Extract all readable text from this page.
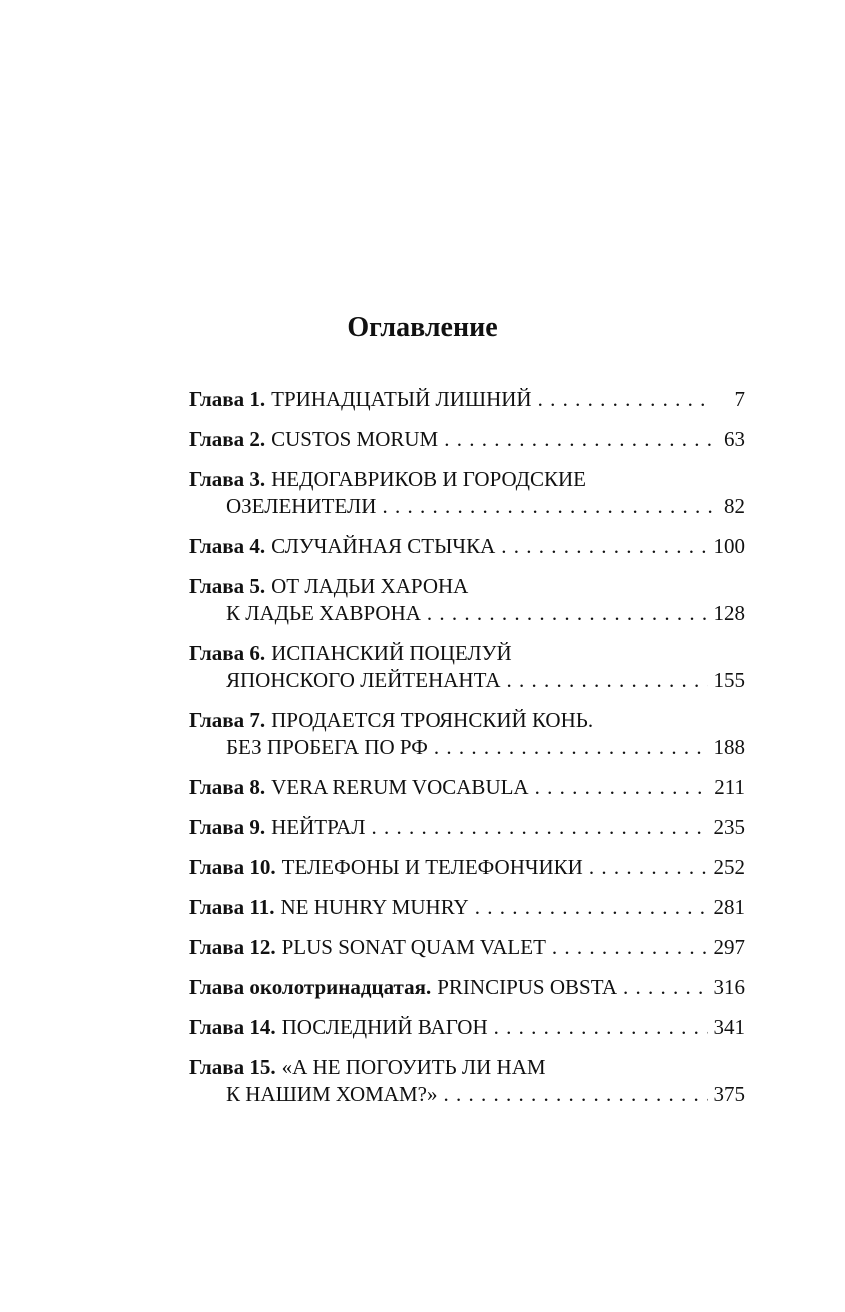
Оглавление
Глава 1. ТРИНАДЦАТЫЙ ЛИШНИЙ . . .	7
Глава 2. CUSTOS MORUM . . .	63
Глава 3. НЕДОГАВРИКОВ И ГОРОДСКИЕ
ОЗЕЛЕНИТЕЛИ . . .	82
Глава 4. СЛУЧАЙНАЯ СТЫЧКА . . .	100
Глава 5. ОТ ЛАДЬИ ХАРОНА
К ЛАДЬЕ ХАВРОНА . . .	128
Глава 6. ИСПАНСКИЙ ПОЦЕЛУЙ
ЯПОНСКОГО ЛЕЙТЕНАНТА . . .	155
Глава 7. ПРОДАЕТСЯ ТРОЯНСКИЙ КОНЬ.
БЕЗ ПРОБЕГА ПО РФ . . .	188
Глава 8. VERA RERUM VOCABULA . . .	211
Глава 9. НЕЙТРАЛ . . .	235
Глава 10. ТЕЛЕФОНЫ И ТЕЛЕФОНЧИКИ . . .	252
Глава 11. NE HUHRY MUHRY . . .	281
Глава 12. PLUS SONAT QUAM VALET . . .	297
Глава околотринадцатая. PRINCIPUS OBSTA . . .	316
Глава 14. ПОСЛЕДНИЙ ВАГОН . . .	341
Глава 15. «А НЕ ПОГОУИТЬ ЛИ НАМ
К НАШИМ ХОМАМ?» . . .	375
